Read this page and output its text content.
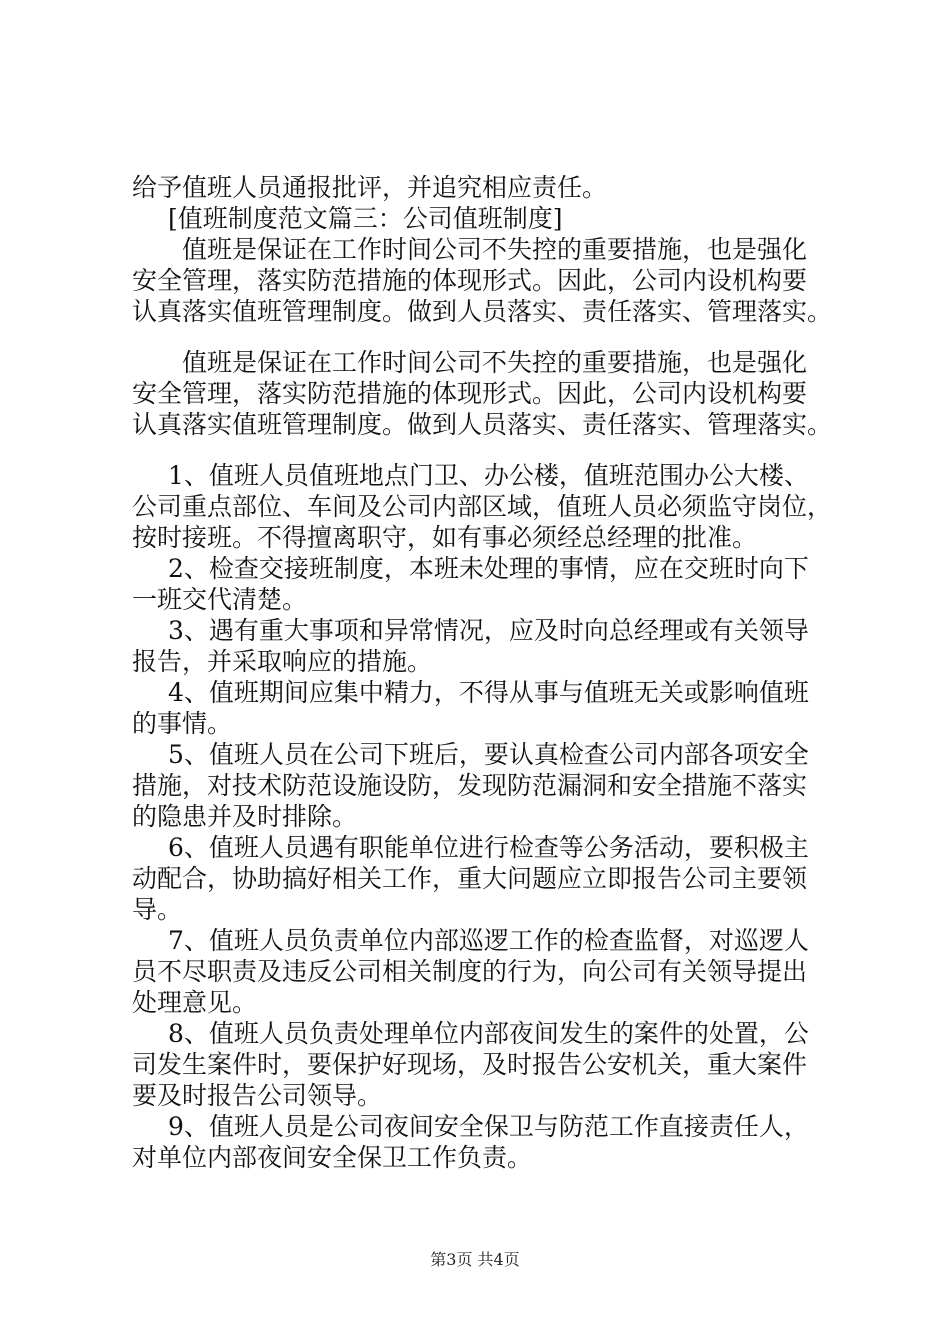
给予值班人员通报批评，并追究相应责任。
[值班制度范文篇三：公司值班制度]
值班是保证在工作时间公司不失控的重要措施，也是强化
安全管理，落实防范措施的体现形式。因此，公司内设机构要
认真落实值班管理制度。做到人员落实、责任落实、管理落实。
值班是保证在工作时间公司不失控的重要措施，也是强化
安全管理，落实防范措施的体现形式。因此，公司内设机构要
认真落实值班管理制度。做到人员落实、责任落实、管理落实。
1、值班人员值班地点门卫、办公楼，值班范围办公大楼、
公司重点部位、车间及公司内部区域，值班人员必须监守岗位，
按时接班。不得擅离职守，如有事必须经总经理的批准。
2、检查交接班制度，本班未处理的事情，应在交班时向下
一班交代清楚。
3、遇有重大事项和异常情况，应及时向总经理或有关领导
报告，并采取响应的措施。
4、值班期间应集中精力，不得从事与值班无关或影响值班
的事情。
5、值班人员在公司下班后，要认真检查公司内部各项安全
措施，对技术防范设施设防，发现防范漏洞和安全措施不落实
的隐患并及时排除。
6、值班人员遇有职能单位进行检查等公务活动，要积极主
动配合，协助搞好相关工作，重大问题应立即报告公司主要领
导。
7、值班人员负责单位内部巡逻工作的检查监督，对巡逻人
员不尽职责及违反公司相关制度的行为，向公司有关领导提出
处理意见。
8、值班人员负责处理单位内部夜间发生的案件的处置，公
司发生案件时，要保护好现场，及时报告公安机关，重大案件
要及时报告公司领导。
9、值班人员是公司夜间安全保卫与防范工作直接责任人，
对单位内部夜间安全保卫工作负责。
第3页 共4页
